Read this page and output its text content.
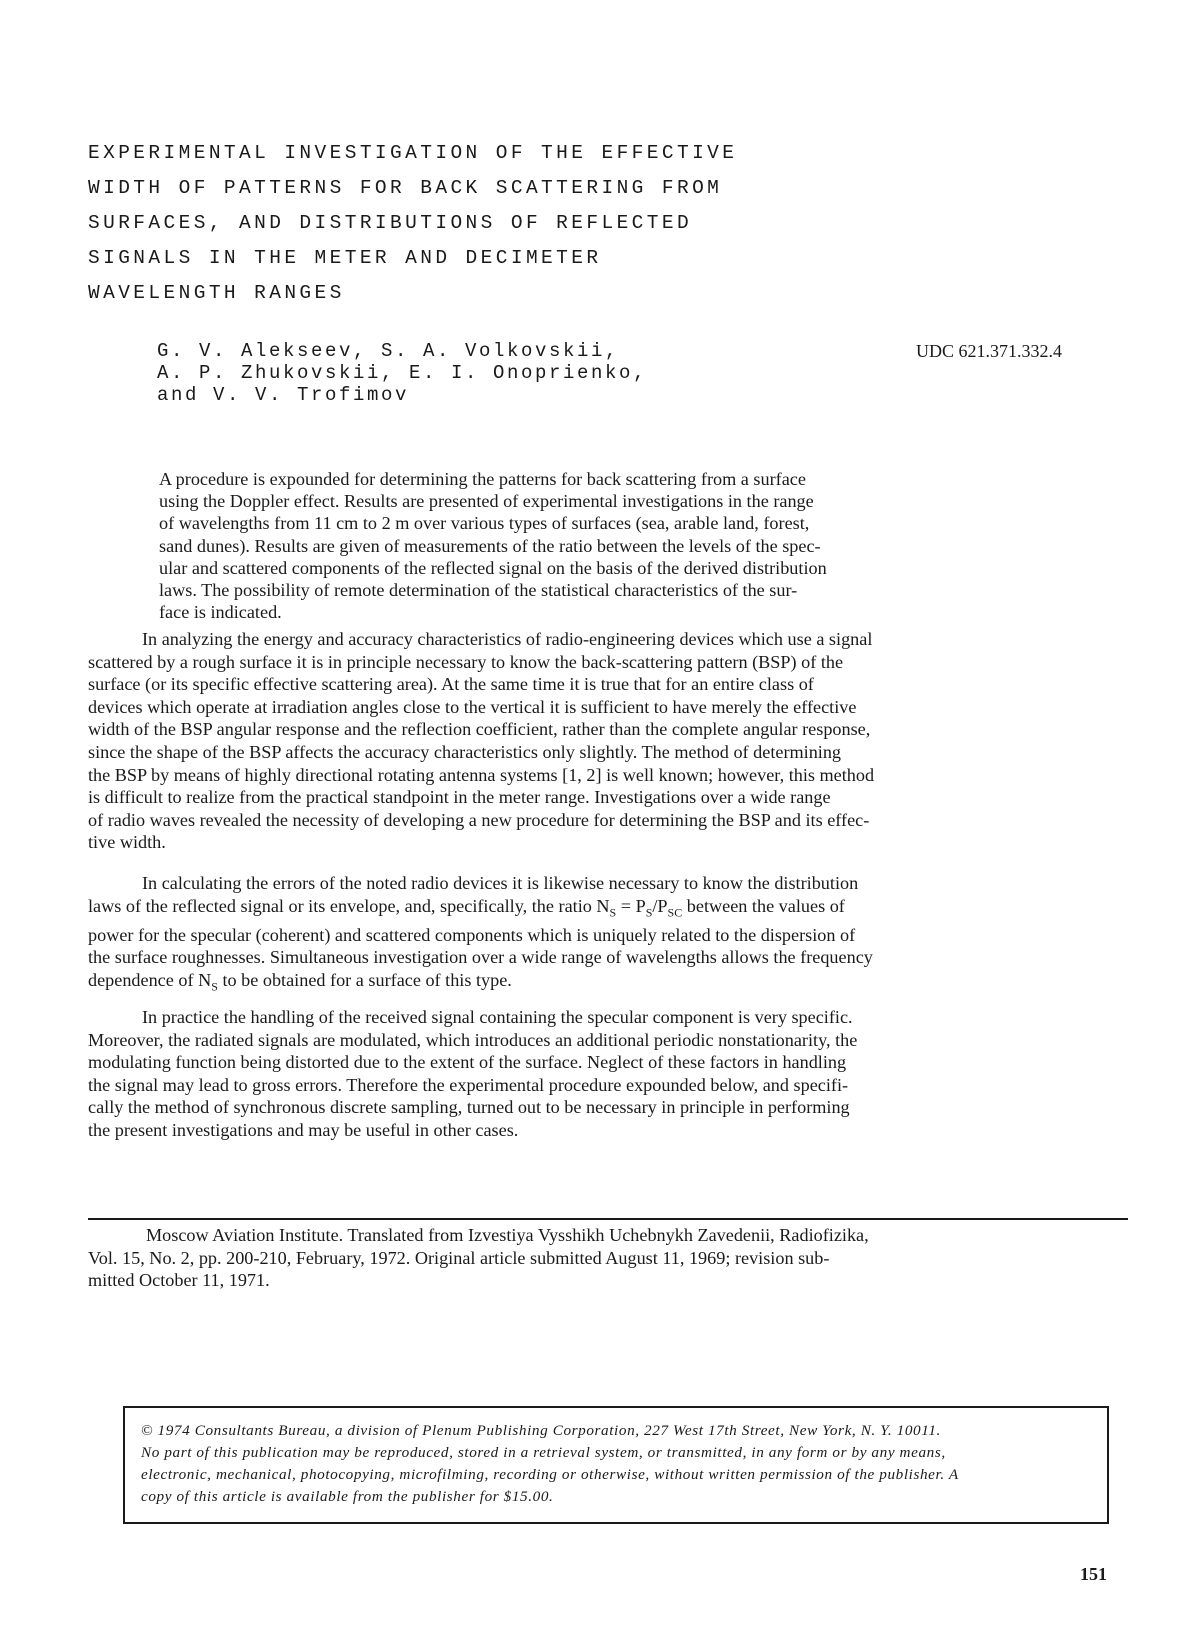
EXPERIMENTAL INVESTIGATION OF THE EFFECTIVE
WIDTH OF PATTERNS FOR BACK SCATTERING FROM
SURFACES, AND DISTRIBUTIONS OF REFLECTED
SIGNALS IN THE METER AND DECIMETER
WAVELENGTH RANGES
G. V. Alekseev, S. A. Volkovskii,
A. P. Zhukovskii, E. I. Onoprienko,
and V. V. Trofimov
UDC 621.371.332.4
A procedure is expounded for determining the patterns for back scattering from a surface
using the Doppler effect. Results are presented of experimental investigations in the range
of wavelengths from 11 cm to 2 m over various types of surfaces (sea, arable land, forest,
sand dunes). Results are given of measurements of the ratio between the levels of the spec-
ular and scattered components of the reflected signal on the basis of the derived distribution
laws. The possibility of remote determination of the statistical characteristics of the sur-
face is indicated.
In analyzing the energy and accuracy characteristics of radio-engineering devices which use a signal
scattered by a rough surface it is in principle necessary to know the back-scattering pattern (BSP) of the
surface (or its specific effective scattering area). At the same time it is true that for an entire class of
devices which operate at irradiation angles close to the vertical it is sufficient to have merely the effective
width of the BSP angular response and the reflection coefficient, rather than the complete angular response,
since the shape of the BSP affects the accuracy characteristics only slightly. The method of determining
the BSP by means of highly directional rotating antenna systems [1, 2] is well known; however, this method
is difficult to realize from the practical standpoint in the meter range. Investigations over a wide range
of radio waves revealed the necessity of developing a new procedure for determining the BSP and its effec-
tive width.
In calculating the errors of the noted radio devices it is likewise necessary to know the distribution
laws of the reflected signal or its envelope, and, specifically, the ratio $N_S = P_S/P_{SC}$ between the values of
power for the specular (coherent) and scattered components which is uniquely related to the dispersion of
the surface roughnesses. Simultaneous investigation over a wide range of wavelengths allows the frequency
dependence of $N_S$ to be obtained for a surface of this type.
In practice the handling of the received signal containing the specular component is very specific.
Moreover, the radiated signals are modulated, which introduces an additional periodic nonstationarity, the
modulating function being distorted due to the extent of the surface. Neglect of these factors in handling
the signal may lead to gross errors. Therefore the experimental procedure expounded below, and specifi-
cally the method of synchronous discrete sampling, turned out to be necessary in principle in performing
the present investigations and may be useful in other cases.
Moscow Aviation Institute. Translated from Izvestiya Vysshikh Uchebnykh Zavedenii, Radiofizika,
Vol. 15, No. 2, pp. 200-210, February, 1972. Original article submitted August 11, 1969; revision sub-
mitted October 11, 1971.
© 1974 Consultants Bureau, a division of Plenum Publishing Corporation, 227 West 17th Street, New York, N. Y. 10011.
No part of this publication may be reproduced, stored in a retrieval system, or transmitted, in any form or by any means,
electronic, mechanical, photocopying, microfilming, recording or otherwise, without written permission of the publisher. A
copy of this article is available from the publisher for $15.00.
151
